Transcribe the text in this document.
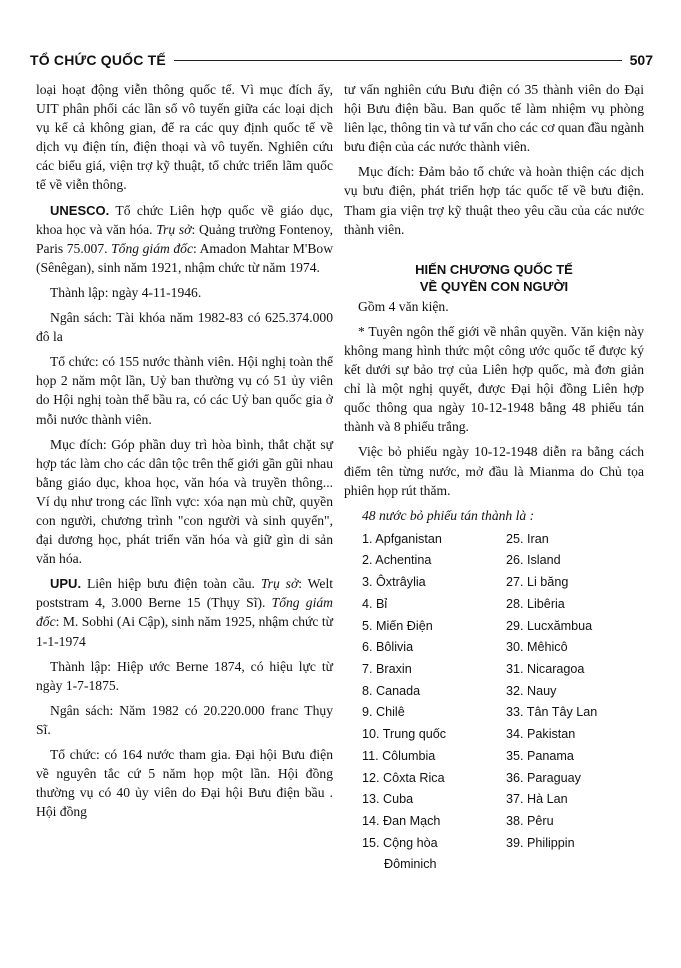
TỔ CHỨC QUỐC TẾ	507

loại hoạt động viễn thông quốc tế. Vì mục đích ấy, UIT phân phối các lần số vô tuyến giữa các loại dịch vụ kể cả không gian, để ra các quy định quốc tế về dịch vụ điện tín, điện thoại và vô tuyến. Nghiên cứu các biểu giá, viện trợ kỹ thuật, tổ chức triển lãm quốc tế về viễn thông.

UNESCO. Tổ chức Liên hợp quốc về giáo dục, khoa học và văn hóa. Trụ sở: Quảng trường Fontenoy, Paris 75.007. Tổng giám đốc: Amadon Mahtar M'Bow (Sênêgan), sinh năm 1921, nhậm chức từ năm 1974.

Thành lập: ngày 4-11-1946.

Ngân sách: Tài khóa năm 1982-83 có 625.374.000 đô la

Tổ chức: có 155 nước thành viên. Hội nghị toàn thể họp 2 năm một lần, Uỷ ban thường vụ có 51 ủy viên do Hội nghị toàn thể bầu ra, có các Uỷ ban quốc gia ở mỗi nước thành viên.

Mục đích: Góp phần duy trì hòa bình, thắt chặt sự hợp tác làm cho các dân tộc trên thế giới gần gũi nhau bằng giáo dục, khoa học, văn hóa và truyền thông... Ví dụ như trong các lĩnh vực: xóa nạn mù chữ, quyền con người, chương trình "con người và sinh quyển", đại dương học, phát triển văn hóa và giữ gìn di sản văn hóa.

UPU. Liên hiệp bưu điện toàn cầu. Trụ sở: Welt poststram 4, 3.000 Berne 15 (Thụy Sĩ). Tổng giám đốc: M. Sobhi (Ai Cập), sinh năm 1925, nhậm chức từ 1-1-1974

Thành lập: Hiệp ước Berne 1874, có hiệu lực từ ngày 1-7-1875.

Ngân sách: Năm 1982 có 20.220.000 franc Thụy Sĩ.

Tổ chức: có 164 nước tham gia. Đại hội Bưu điện về nguyên tắc cứ 5 năm họp một lần. Hội đồng thường vụ có 40 ủy viên do Đại hội Bưu điện bầu . Hội đồng

tư vấn nghiên cứu Bưu điện có 35 thành viên do Đại hội Bưu điện bầu. Ban quốc tế làm nhiệm vụ phòng liên lạc, thông tin và tư vấn cho các cơ quan đầu ngành bưu điện của các nước thành viên.

Mục đích: Đảm bảo tổ chức và hoàn thiện các dịch vụ bưu điện, phát triển hợp tác quốc tế về bưu điện. Tham gia viện trợ kỹ thuật theo yêu cầu của các nước thành viên.

HIẾN CHƯƠNG QUỐC TẾ
VỀ QUYỀN CON NGƯỜI

Gồm 4 văn kiện.

* Tuyên ngôn thế giới về nhân quyền. Văn kiện này không mang hình thức một công ước quốc tế được ký kết dưới sự bảo trợ của Liên hợp quốc, mà đơn giản chỉ là một nghị quyết, được Đại hội đồng Liên hợp quốc thông qua ngày 10-12-1948 bằng 48 phiếu tán thành và 8 phiếu trắng.

Việc bỏ phiếu ngày 10-12-1948 diễn ra bằng cách điểm tên từng nước, mở đầu là Mianma do Chủ tọa phiên họp rút thăm.

48 nước bỏ phiếu tán thành là :
1. Apfganistan	25. Iran
2. Achentina	26. Island
3. Ôxtrâylia	27. Li băng
4. Bỉ	28. Libêria
5. Miến Điện	29. Lucxămbua
6. Bôlivia	30. Mêhicô
7. Braxin	31. Nicaragoa
8. Canada	32. Nauy
9. Chilê	33. Tân Tây Lan
10. Trung quốc	34. Pakistan
11. Côlumbia	35. Panama
12. Côxta Rica	36. Paraguay
13. Cuba	37. Hà Lan
14. Đan Mạch	38. Pêru
15. Cộng hòa	39. Philippin
Đôminich
